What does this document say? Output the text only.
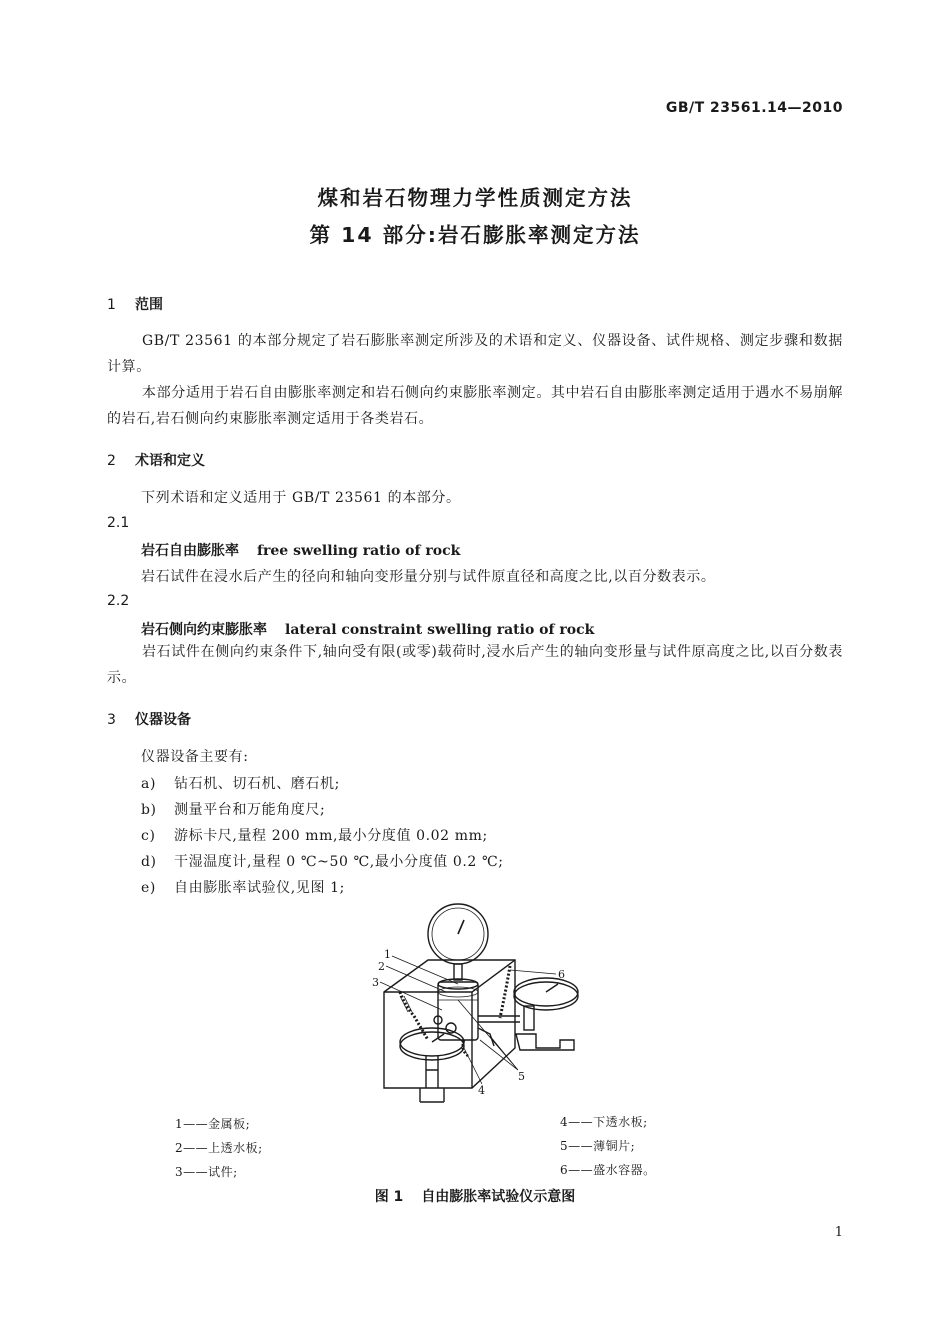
GB/T 23561.14—2010
煤和岩石物理力学性质测定方法
第 14 部分:岩石膨胀率测定方法
1 范围
GB/T 23561 的本部分规定了岩石膨胀率测定所涉及的术语和定义、仪器设备、试件规格、测定步骤和数据计算。
本部分适用于岩石自由膨胀率测定和岩石侧向约束膨胀率测定。其中岩石自由膨胀率测定适用于遇水不易崩解的岩石,岩石侧向约束膨胀率测定适用于各类岩石。
2 术语和定义
下列术语和定义适用于 GB/T 23561 的本部分。
2.1
岩石自由膨胀率 free swelling ratio of rock
岩石试件在浸水后产生的径向和轴向变形量分别与试件原直径和高度之比,以百分数表示。
2.2
岩石侧向约束膨胀率 lateral constraint swelling ratio of rock
岩石试件在侧向约束条件下,轴向受有限(或零)载荷时,浸水后产生的轴向变形量与试件原高度之比,以百分数表示。
3 仪器设备
仪器设备主要有:
a) 钻石机、切石机、磨石机;
b) 测量平台和万能角度尺;
c) 游标卡尺,量程 200 mm,最小分度值 0.02 mm;
d) 干湿温度计,量程 0 ℃~50 ℃,最小分度值 0.2 ℃;
e) 自由膨胀率试验仪,见图 1;
1
2
3
4
5
6
1——金属板;
2——上透水板;
3——试件;
4——下透水板;
5——薄铜片;
6——盛水容器。
图 1 自由膨胀率试验仪示意图
1
